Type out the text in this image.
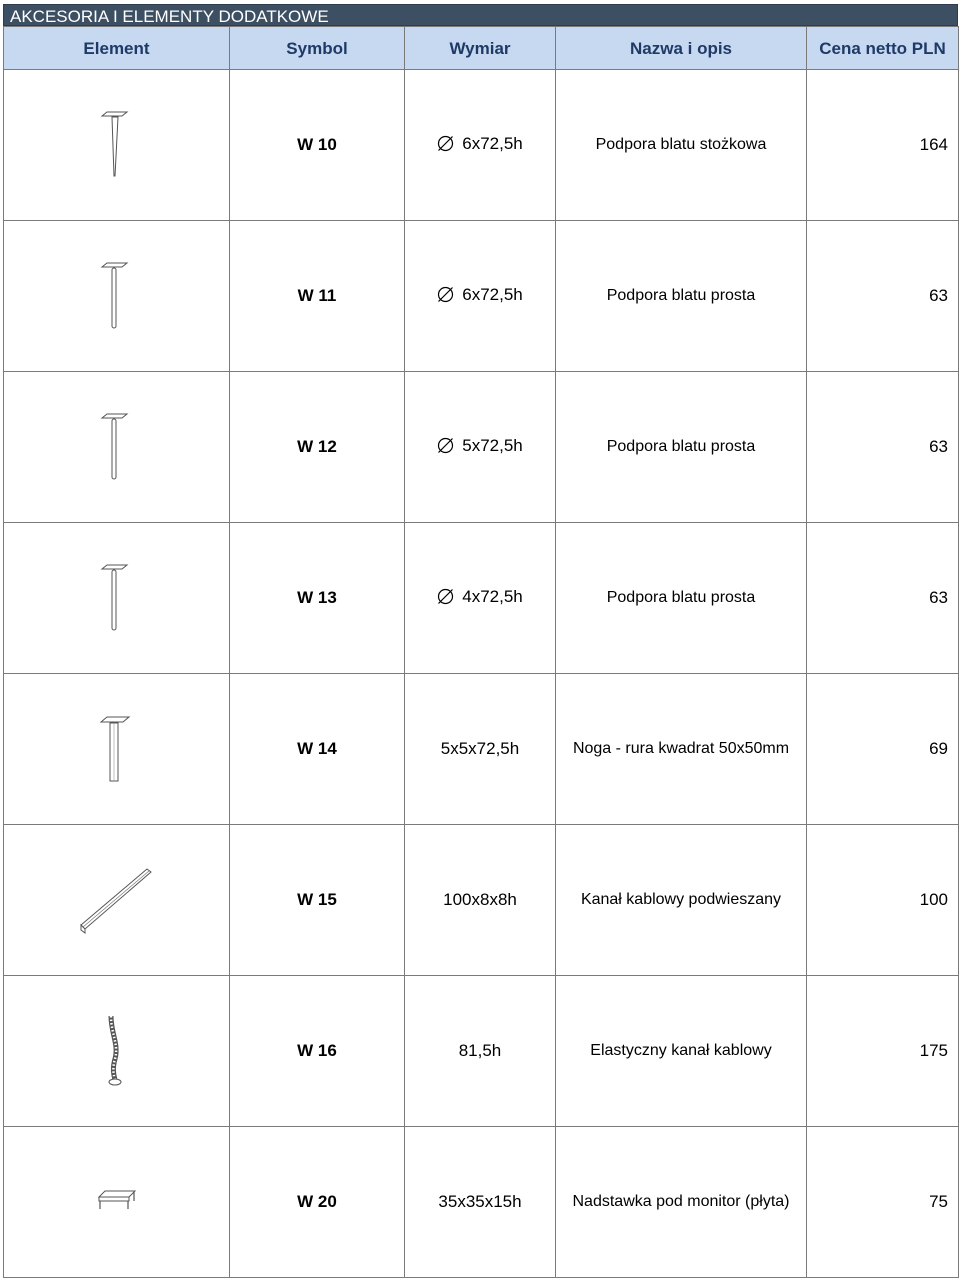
AKCESORIA I ELEMENTY DODATKOWE
Element	Symbol	Wymiar	Nazwa i opis	Cena netto PLN

	W 10	6x72,5h	Podpora blatu stożkowa	164

	W 11	6x72,5h	Podpora blatu prosta	63

	W 12	5x72,5h	Podpora blatu prosta	63

	W 13	4x72,5h	Podpora blatu prosta	63

	W 14	5x5x72,5h	Noga - rura kwadrat 50x50mm	69

	W 15	100x8x8h	Kanał kablowy podwieszany	100

	W 16	81,5h	Elastyczny kanał kablowy	175

	W 20	35x35x15h	Nadstawka pod monitor (płyta)	75
